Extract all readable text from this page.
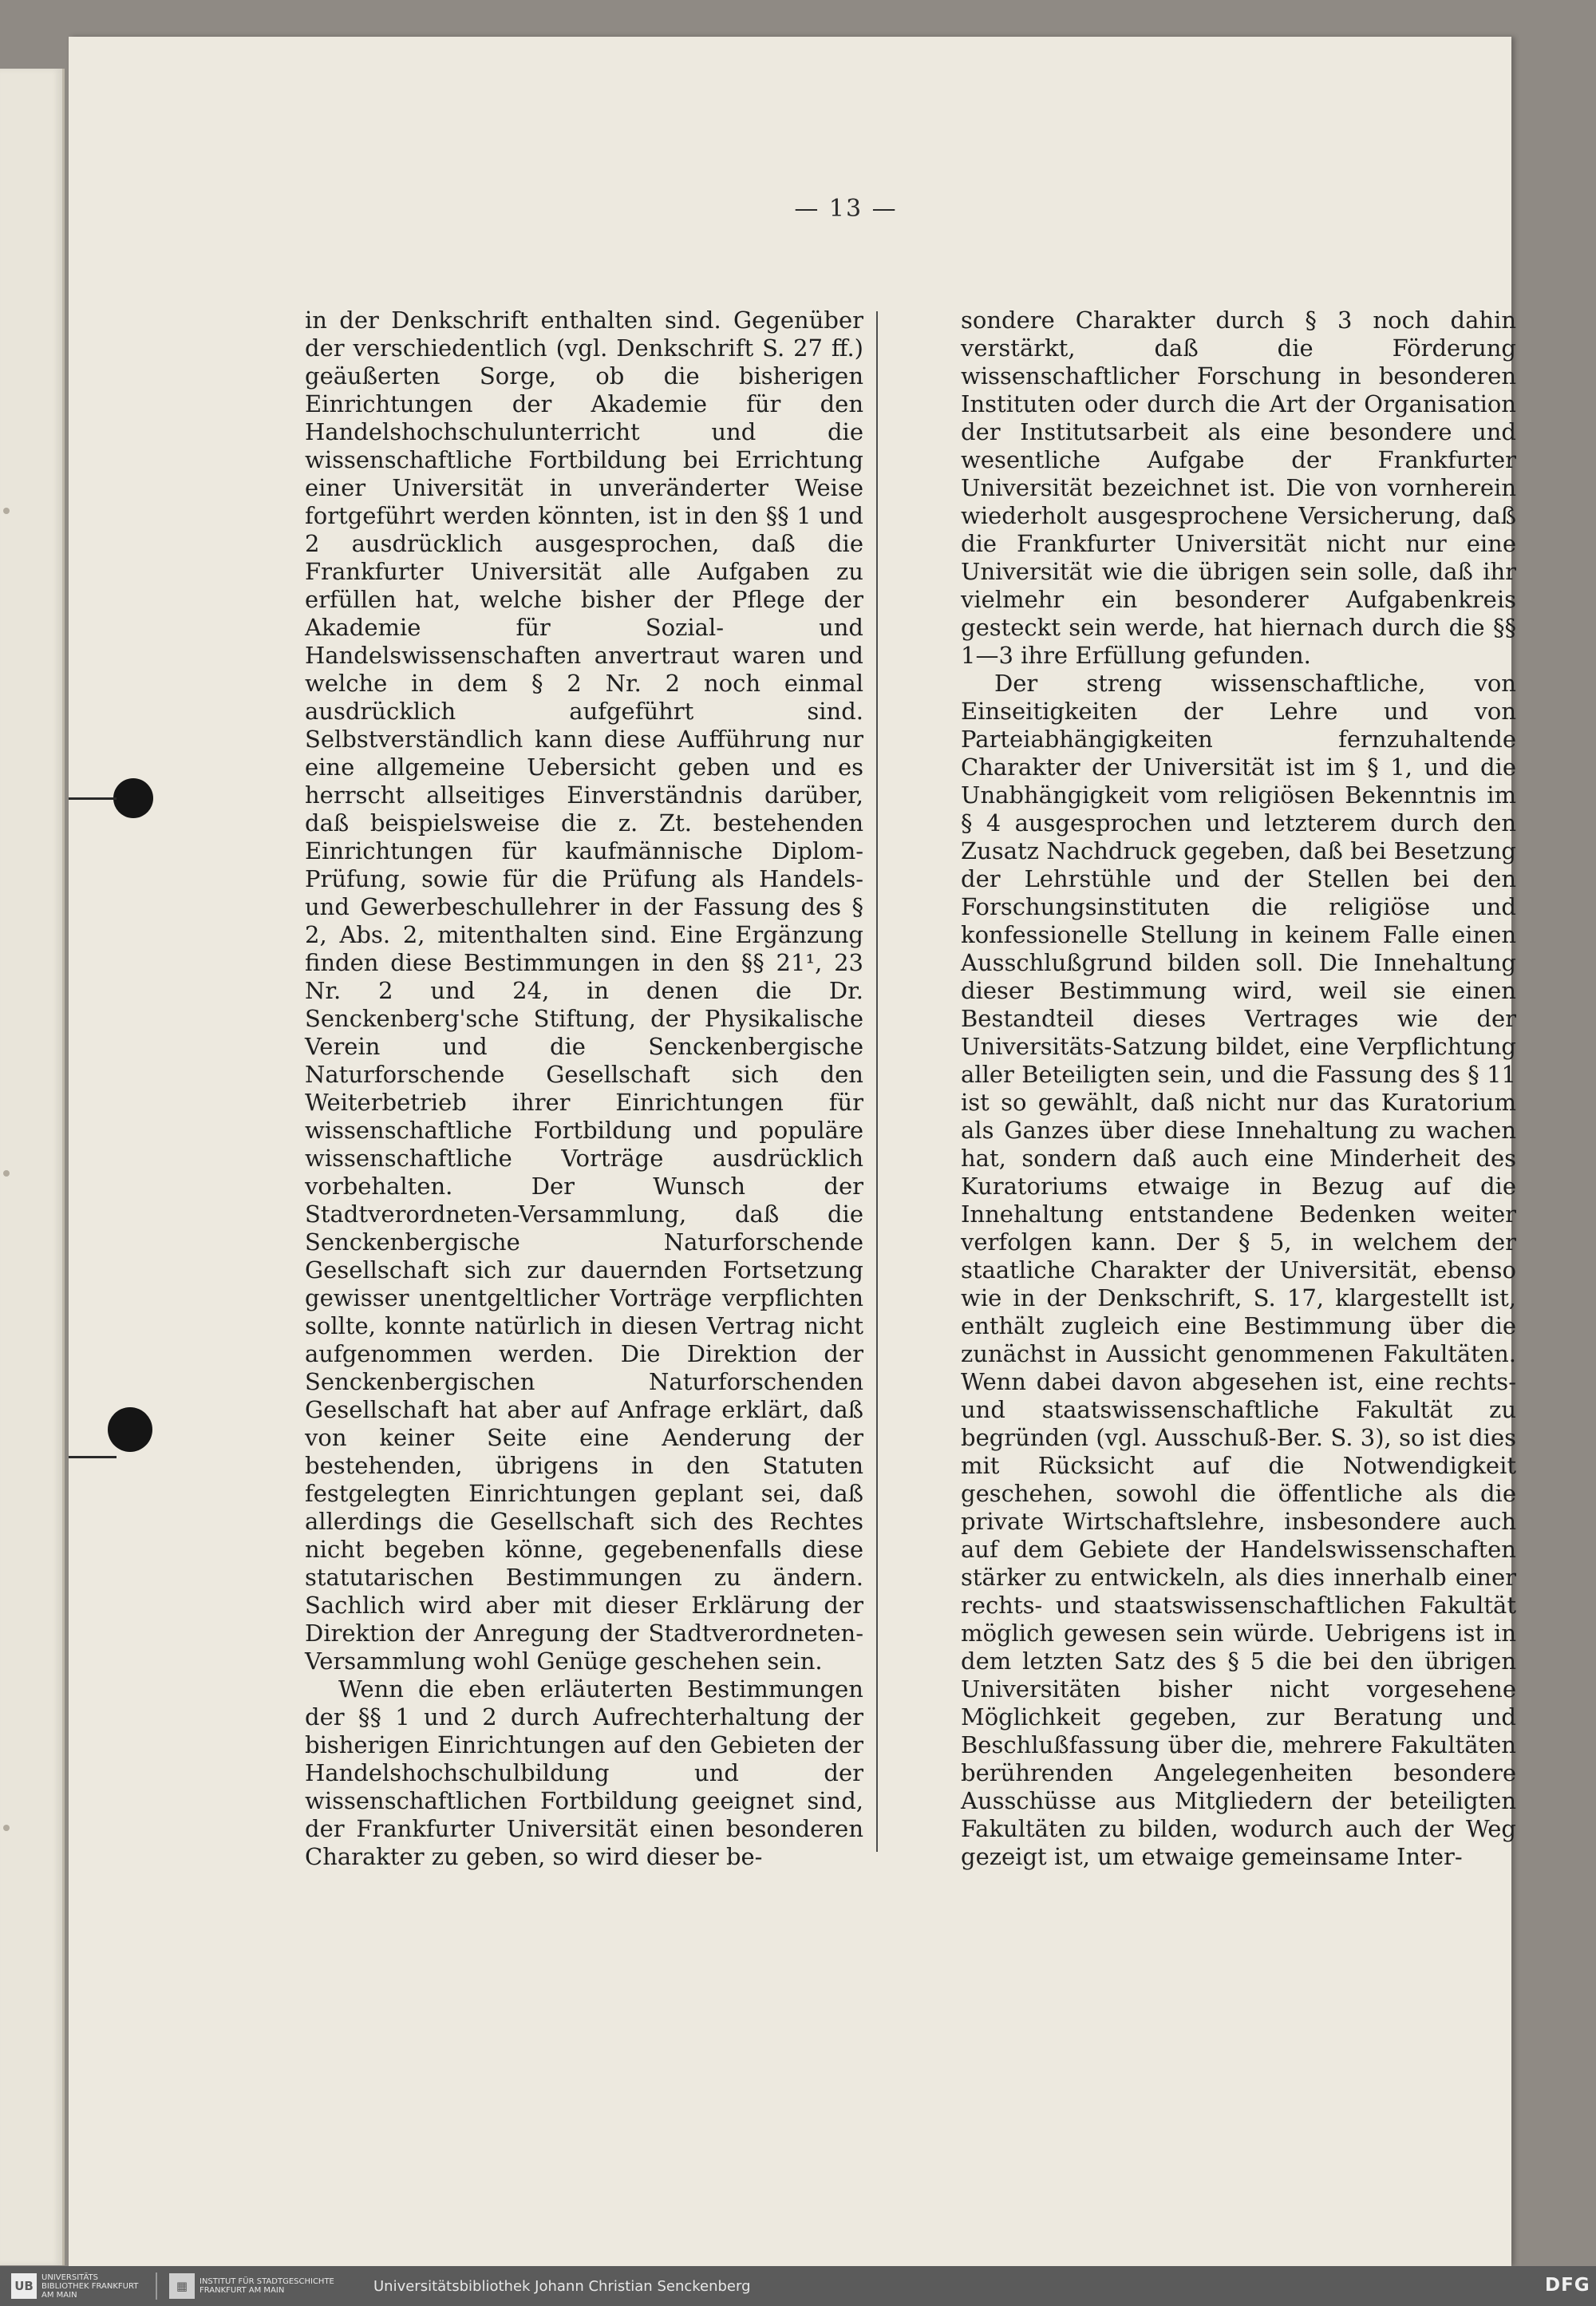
— 13 —

in der Denkschrift enthalten sind. Gegenüber der verschiedentlich (vgl. Denkschrift S. 27 ff.) geäußerten Sorge, ob die bisherigen Einrichtungen der Akademie für den Handelshochschulunterricht und die wissenschaftliche Fortbildung bei Errichtung einer Universität in unveränderter Weise fortgeführt werden könnten, ist in den §§ 1 und 2 ausdrücklich ausgesprochen, daß die Frankfurter Universität alle Aufgaben zu erfüllen hat, welche bisher der Pflege der Akademie für Sozial- und Handelswissenschaften anvertraut waren und welche in dem § 2 Nr. 2 noch einmal ausdrücklich aufgeführt sind. Selbstverständlich kann diese Aufführung nur eine allgemeine Uebersicht geben und es herrscht allseitiges Einverständnis darüber, daß beispielsweise die z. Zt. bestehenden Einrichtungen für kaufmännische Diplom-Prüfung, sowie für die Prüfung als Handels- und Gewerbeschullehrer in der Fassung des § 2, Abs. 2, mitenthalten sind. Eine Ergänzung finden diese Bestimmungen in den §§ 21¹, 23 Nr. 2 und 24, in denen die Dr. Senckenberg'sche Stiftung, der Physikalische Verein und die Senckenbergische Naturforschende Gesellschaft sich den Weiterbetrieb ihrer Einrichtungen für wissenschaftliche Fortbildung und populäre wissenschaftliche Vorträge ausdrücklich vorbehalten. Der Wunsch der Stadtverordneten-Versammlung, daß die Senckenbergische Naturforschende Gesellschaft sich zur dauernden Fortsetzung gewisser unentgeltlicher Vorträge verpflichten sollte, konnte natürlich in diesen Vertrag nicht aufgenommen werden. Die Direktion der Senckenbergischen Naturforschenden Gesellschaft hat aber auf Anfrage erklärt, daß von keiner Seite eine Aenderung der bestehenden, übrigens in den Statuten festgelegten Einrichtungen geplant sei, daß allerdings die Gesellschaft sich des Rechtes nicht begeben könne, gegebenenfalls diese statutarischen Bestimmungen zu ändern. Sachlich wird aber mit dieser Erklärung der Direktion der Anregung der Stadtverordneten-Versammlung wohl Genüge geschehen sein.

Wenn die eben erläuterten Bestimmungen der §§ 1 und 2 durch Aufrechterhaltung der bisherigen Einrichtungen auf den Gebieten der Handelshochschulbildung und der wissenschaftlichen Fortbildung geeignet sind, der Frankfurter Universität einen besonderen Charakter zu geben, so wird dieser be-

sondere Charakter durch § 3 noch dahin verstärkt, daß die Förderung wissenschaftlicher Forschung in besonderen Instituten oder durch die Art der Organisation der Institutsarbeit als eine besondere und wesentliche Aufgabe der Frankfurter Universität bezeichnet ist. Die von vornherein wiederholt ausgesprochene Versicherung, daß die Frankfurter Universität nicht nur eine Universität wie die übrigen sein solle, daß ihr vielmehr ein besonderer Aufgabenkreis gesteckt sein werde, hat hiernach durch die §§ 1—3 ihre Erfüllung gefunden.

Der streng wissenschaftliche, von Einseitigkeiten der Lehre und von Parteiabhängigkeiten fernzuhaltende Charakter der Universität ist im § 1, und die Unabhängigkeit vom religiösen Bekenntnis im § 4 ausgesprochen und letzterem durch den Zusatz Nachdruck gegeben, daß bei Besetzung der Lehrstühle und der Stellen bei den Forschungsinstituten die religiöse und konfessionelle Stellung in keinem Falle einen Ausschlußgrund bilden soll. Die Innehaltung dieser Bestimmung wird, weil sie einen Bestandteil dieses Vertrages wie der Universitäts-Satzung bildet, eine Verpflichtung aller Beteiligten sein, und die Fassung des § 11 ist so gewählt, daß nicht nur das Kuratorium als Ganzes über diese Innehaltung zu wachen hat, sondern daß auch eine Minderheit des Kuratoriums etwaige in Bezug auf die Innehaltung entstandene Bedenken weiter verfolgen kann. Der § 5, in welchem der staatliche Charakter der Universität, ebenso wie in der Denkschrift, S. 17, klargestellt ist, enthält zugleich eine Bestimmung über die zunächst in Aussicht genommenen Fakultäten. Wenn dabei davon abgesehen ist, eine rechts- und staatswissenschaftliche Fakultät zu begründen (vgl. Ausschuß-Ber. S. 3), so ist dies mit Rücksicht auf die Notwendigkeit geschehen, sowohl die öffentliche als die private Wirtschaftslehre, insbesondere auch auf dem Gebiete der Handelswissenschaften stärker zu entwickeln, als dies innerhalb einer rechts- und staatswissenschaftlichen Fakultät möglich gewesen sein würde. Uebrigens ist in dem letzten Satz des § 5 die bei den übrigen Universitäten bisher nicht vorgesehene Möglichkeit gegeben, zur Beratung und Beschlußfassung über die, mehrere Fakultäten berührenden Angelegenheiten besondere Ausschüsse aus Mitgliedern der beteiligten Fakultäten zu bilden, wodurch auch der Weg gezeigt ist, um etwaige gemeinsame Inter-

UB
UNIVERSITÄTS BIBLIOTHEK FRANKFURT AM MAIN
▦	INSTITUT FÜR STADTGESCHICHTE FRANKFURT AM MAIN	Universitätsbibliothek Johann Christian Senckenberg	DFG
